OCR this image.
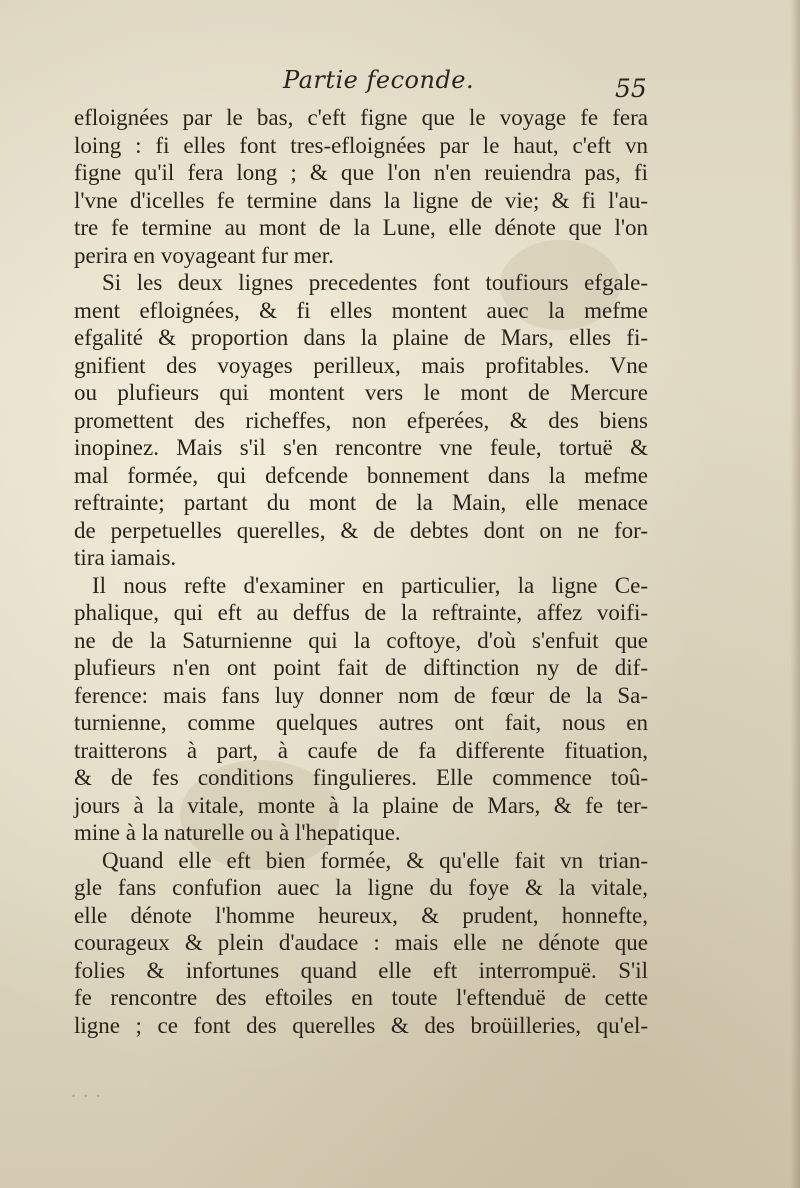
Partie feconde.	55
efloignées par le bas, c'eft figne que le voyage fe fera
loing : fi elles font tres-efloignées par le haut, c'eft vn
figne qu'il fera long ; & que l'on n'en reuiendra pas, fi
l'vne d'icelles fe termine dans la ligne de vie; & fi l'au-
tre fe termine au mont de la Lune, elle dénote que l'on
perira en voyageant fur mer.
Si les deux lignes precedentes font toufiours efgale-
ment efloignées, & fi elles montent auec la mefme
efgalité & proportion dans la plaine de Mars, elles fi-
gnifient des voyages perilleux, mais profitables. Vne
ou plufieurs qui montent vers le mont de Mercure
promettent des richeffes, non efperées, & des biens
inopinez. Mais s'il s'en rencontre vne feule, tortuë &
mal formée, qui defcende bonnement dans la mefme
reftrainte; partant du mont de la Main, elle menace
de perpetuelles querelles, & de debtes dont on ne for-
tira iamais.
Il nous refte d'examiner en particulier, la ligne Ce-
phalique, qui eft au deffus de la reftrainte, affez voifi-
ne de la Saturnienne qui la coftoye, d'où s'enfuit que
plufieurs n'en ont point fait de diftinction ny de dif-
ference: mais fans luy donner nom de fœur de la Sa-
turnienne, comme quelques autres ont fait, nous en
traitterons à part, à caufe de fa differente fituation,
& de fes conditions fingulieres. Elle commence toû-
jours à la vitale, monte à la plaine de Mars, & fe ter-
mine à la naturelle ou à l'hepatique.
Quand elle eft bien formée, & qu'elle fait vn trian-
gle fans confufion auec la ligne du foye & la vitale,
elle dénote l'homme heureux, & prudent, honnefte,
courageux & plein d'audace : mais elle ne dénote que
folies & infortunes quand elle eft interrompuë. S'il
fe rencontre des eftoiles en toute l'eftenduë de cette
ligne ; ce font des querelles & des broüilleries, qu'el-
· · ·
